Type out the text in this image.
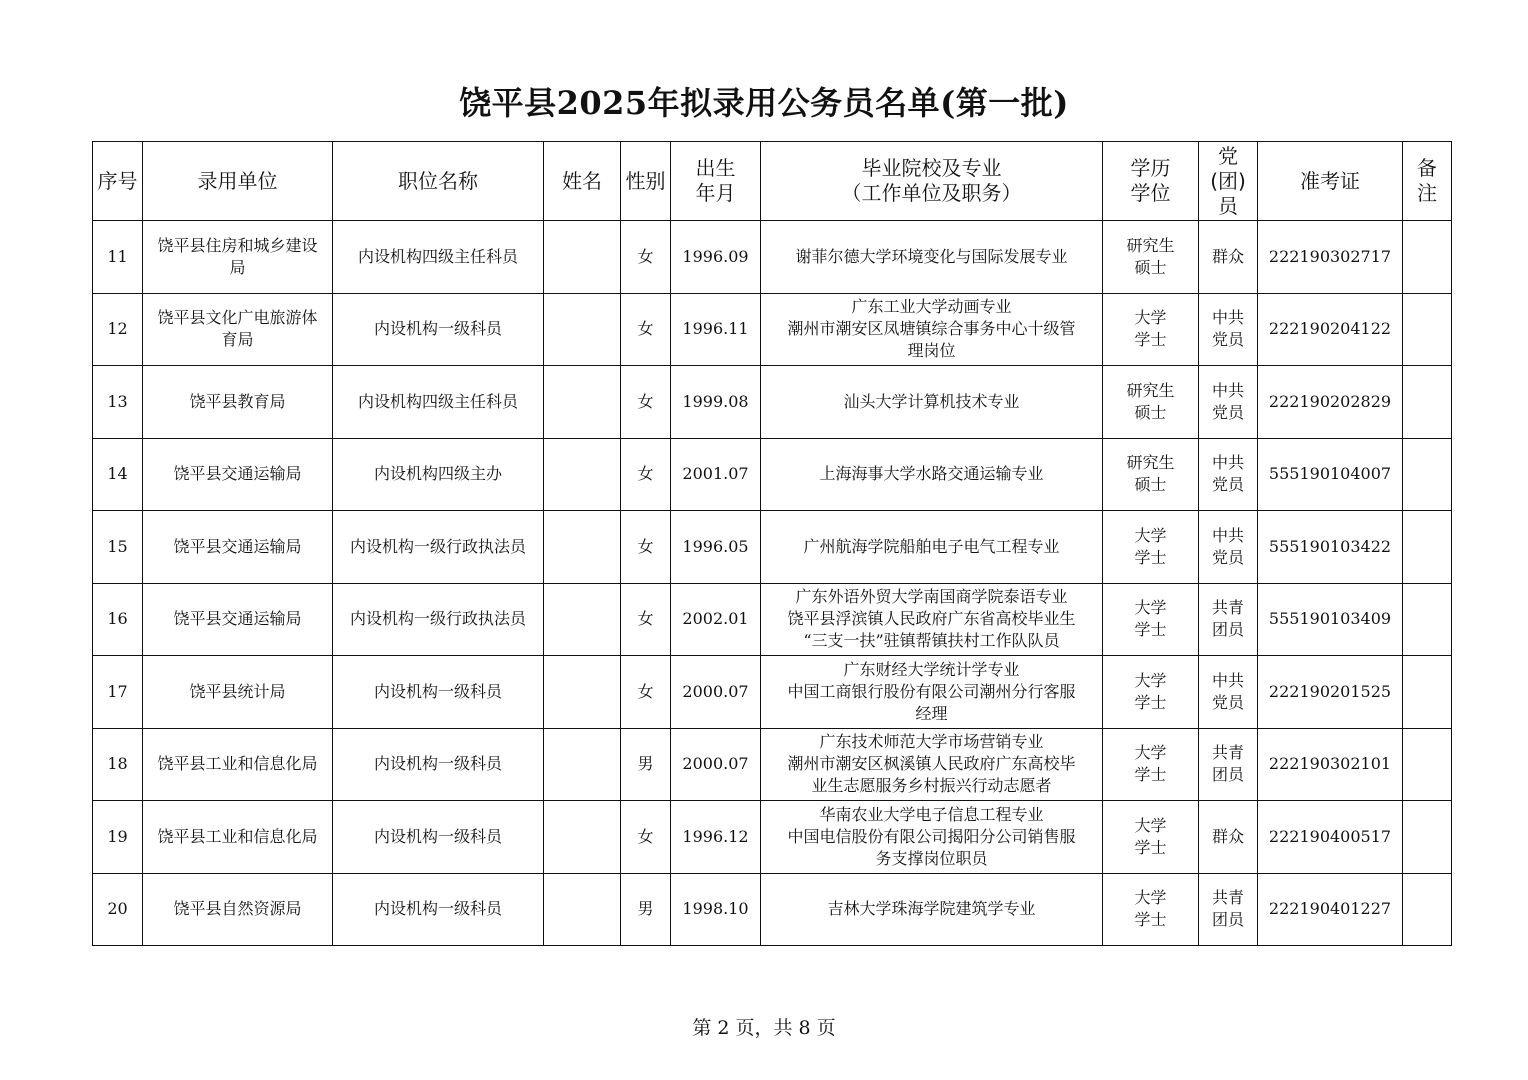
饶平县2025年拟录用公务员名单(第一批)
序号	录用单位	职位名称	姓名	性别	出生
年月	毕业院校及专业
（工作单位及职务）	学历
学位	党
(团)
员	准考证	备
注

11	饶平县住房和城乡建设
局	内设机构四级主任科员		女	1996.09	谢菲尔德大学环境变化与国际发展专业	研究生
硕士	群众	222190302717	
12	饶平县文化广电旅游体
育局	内设机构一级科员		女	1996.11	广东工业大学动画专业
潮州市潮安区凤塘镇综合事务中心十级管
理岗位	大学
学士	中共
党员	222190204122	
13	饶平县教育局	内设机构四级主任科员		女	1999.08	汕头大学计算机技术专业	研究生
硕士	中共
党员	222190202829	
14	饶平县交通运输局	内设机构四级主办		女	2001.07	上海海事大学水路交通运输专业	研究生
硕士	中共
党员	555190104007	
15	饶平县交通运输局	内设机构一级行政执法员		女	1996.05	广州航海学院船舶电子电气工程专业	大学
学士	中共
党员	555190103422	
16	饶平县交通运输局	内设机构一级行政执法员		女	2002.01	广东外语外贸大学南国商学院泰语专业
饶平县浮滨镇人民政府广东省高校毕业生
“三支一扶”驻镇帮镇扶村工作队队员	大学
学士	共青
团员	555190103409	
17	饶平县统计局	内设机构一级科员		女	2000.07	广东财经大学统计学专业
中国工商银行股份有限公司潮州分行客服
经理	大学
学士	中共
党员	222190201525	
18	饶平县工业和信息化局	内设机构一级科员		男	2000.07	广东技术师范大学市场营销专业
潮州市潮安区枫溪镇人民政府广东高校毕
业生志愿服务乡村振兴行动志愿者	大学
学士	共青
团员	222190302101	
19	饶平县工业和信息化局	内设机构一级科员		女	1996.12	华南农业大学电子信息工程专业
中国电信股份有限公司揭阳分公司销售服
务支撑岗位职员	大学
学士	群众	222190400517	
20	饶平县自然资源局	内设机构一级科员		男	1998.10	吉林大学珠海学院建筑学专业	大学
学士	共青
团员	222190401227	
第 2 页，共 8 页
